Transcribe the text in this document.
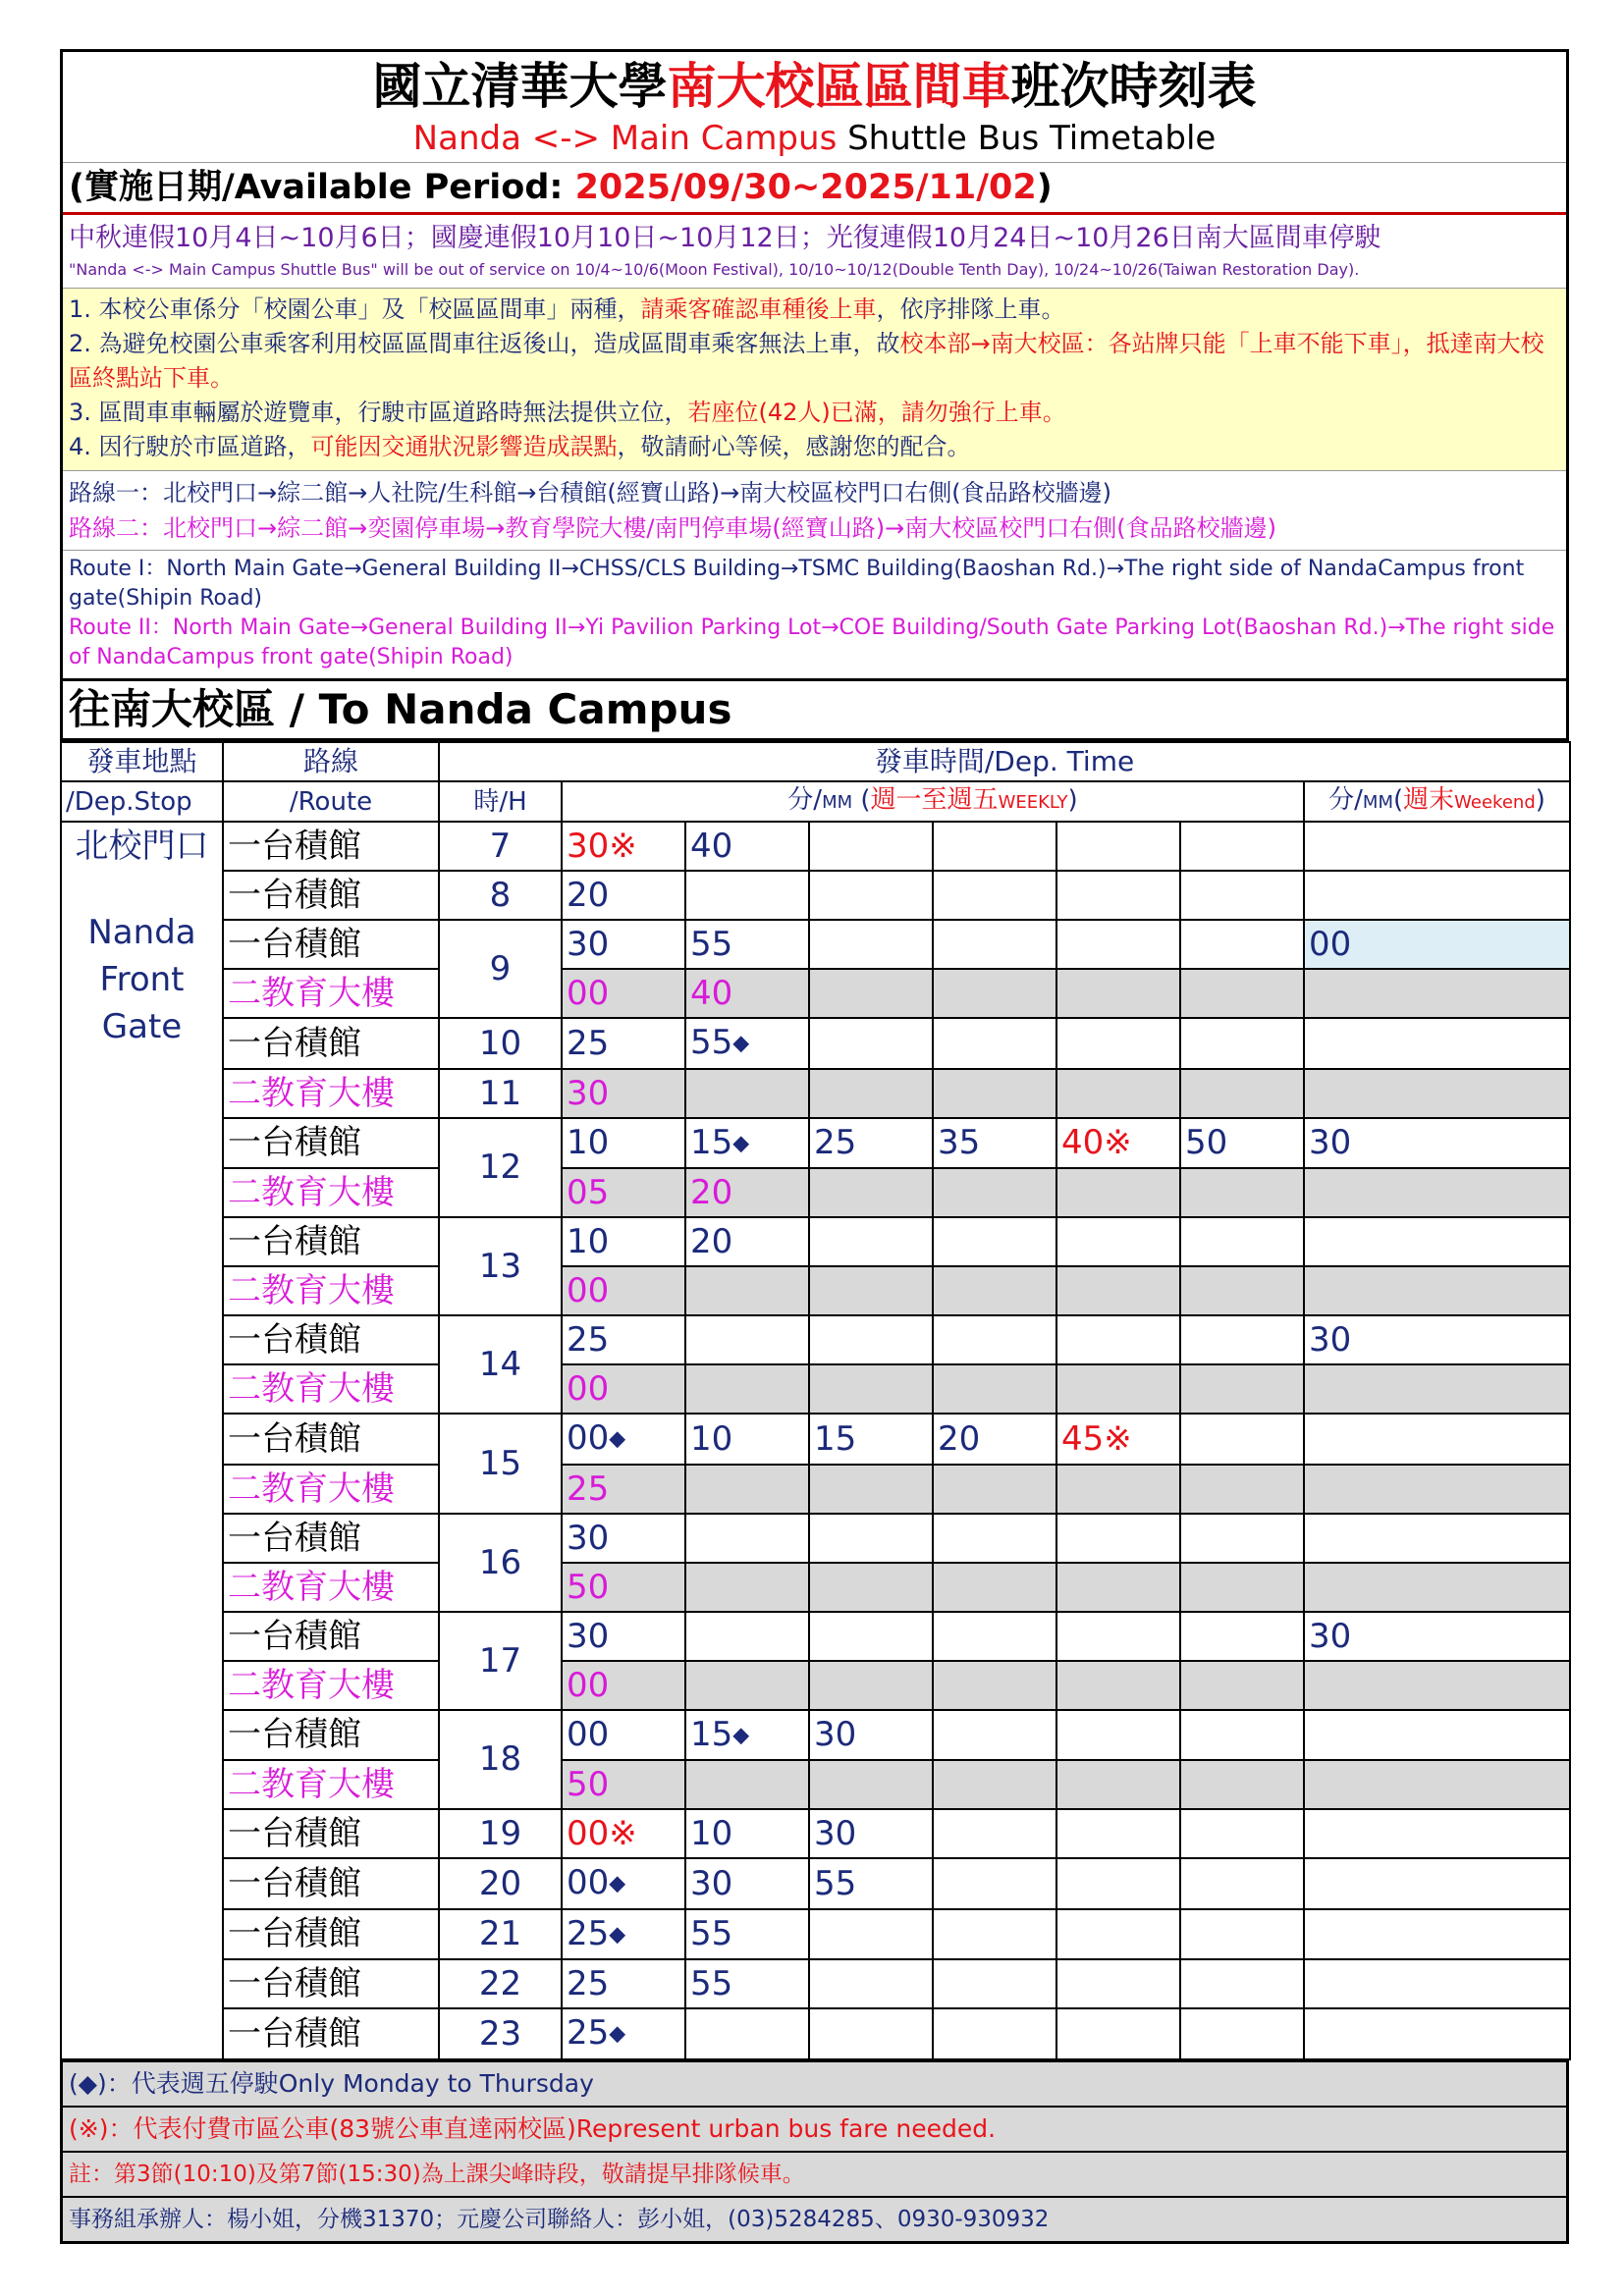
國立清華大學南大校區區間車班次時刻表
Nanda <-> Main Campus Shuttle Bus Timetable
(實施日期/Available Period: 2025/09/30~2025/11/02)
中秋連假10月4日~10月6日；國慶連假10月10日~10月12日；光復連假10月24日~10月26日南大區間車停駛
"Nanda <-> Main Campus Shuttle Bus" will be out of service on 10/4~10/6(Moon Festival), 10/10~10/12(Double Tenth Day), 10/24~10/26(Taiwan Restoration Day).
1. 本校公車係分「校園公車」及「校區區間車」兩種，請乘客確認車種後上車，依序排隊上車。
2. 為避免校園公車乘客利用校區區間車往返後山，造成區間車乘客無法上車，故校本部→南大校區：各站牌只能「上車不能下車」，抵達南大校區終點站下車。
3. 區間車車輛屬於遊覽車，行駛市區道路時無法提供立位，若座位(42人)已滿，請勿強行上車。
4. 因行駛於市區道路，可能因交通狀況影響造成誤點，敬請耐心等候，感謝您的配合。
路線一：北校門口→綜二館→人社院/生科館→台積館(經寶山路)→南大校區校門口右側(食品路校牆邊)
路線二：北校門口→綜二館→奕園停車場→教育學院大樓/南門停車場(經寶山路)→南大校區校門口右側(食品路校牆邊)
Route I：North Main Gate→General Building II→CHSS/CLS Building→TSMC Building(Baoshan Rd.)→The right side of NandaCampus front gate(Shipin Road)
Route II：North Main Gate→General Building II→Yi Pavilion Parking Lot→COE Building/South Gate Parking Lot(Baoshan Rd.)→The right side of NandaCampus front gate(Shipin Road)
往南大校區 / To Nanda Campus
發車地點	路線	發車時間/Dep. Time							
/Dep.Stop	/Route	時/H	分/MM (週一至週五WEEKLY)						分/MM(週末Weekend)

北校門口
Nanda
Front
Gate	一台積館	7	30※	40					
	一台積館	8	20						
	一台積館	9	30	55					00
	二教育大樓		00	40					
	一台積館	10	25	55◆					
	二教育大樓	11	30						
	一台積館	12	10	15◆	25	35	40※	50	30
	二教育大樓		05	20					
	一台積館	13	10	20					
	二教育大樓		00						
	一台積館	14	25						30
	二教育大樓		00						
	一台積館	15	00◆	10	15	20	45※		
	二教育大樓		25						
	一台積館	16	30						
	二教育大樓		50						
	一台積館	17	30						30
	二教育大樓		00						
	一台積館	18	00	15◆	30				
	二教育大樓		50						
	一台積館	19	00※	10	30				
	一台積館	20	00◆	30	55				
	一台積館	21	25◆	55					
	一台積館	22	25	55					
	一台積館	23	25◆						
(◆)：代表週五停駛Only Monday to Thursday
(※)：代表付費市區公車(83號公車直達兩校區)Represent urban bus fare needed.
註：第3節(10:10)及第7節(15:30)為上課尖峰時段，敬請提早排隊候車。
事務組承辦人：楊小姐，分機31370；元慶公司聯絡人：彭小姐，(03)5284285、0930-930932
